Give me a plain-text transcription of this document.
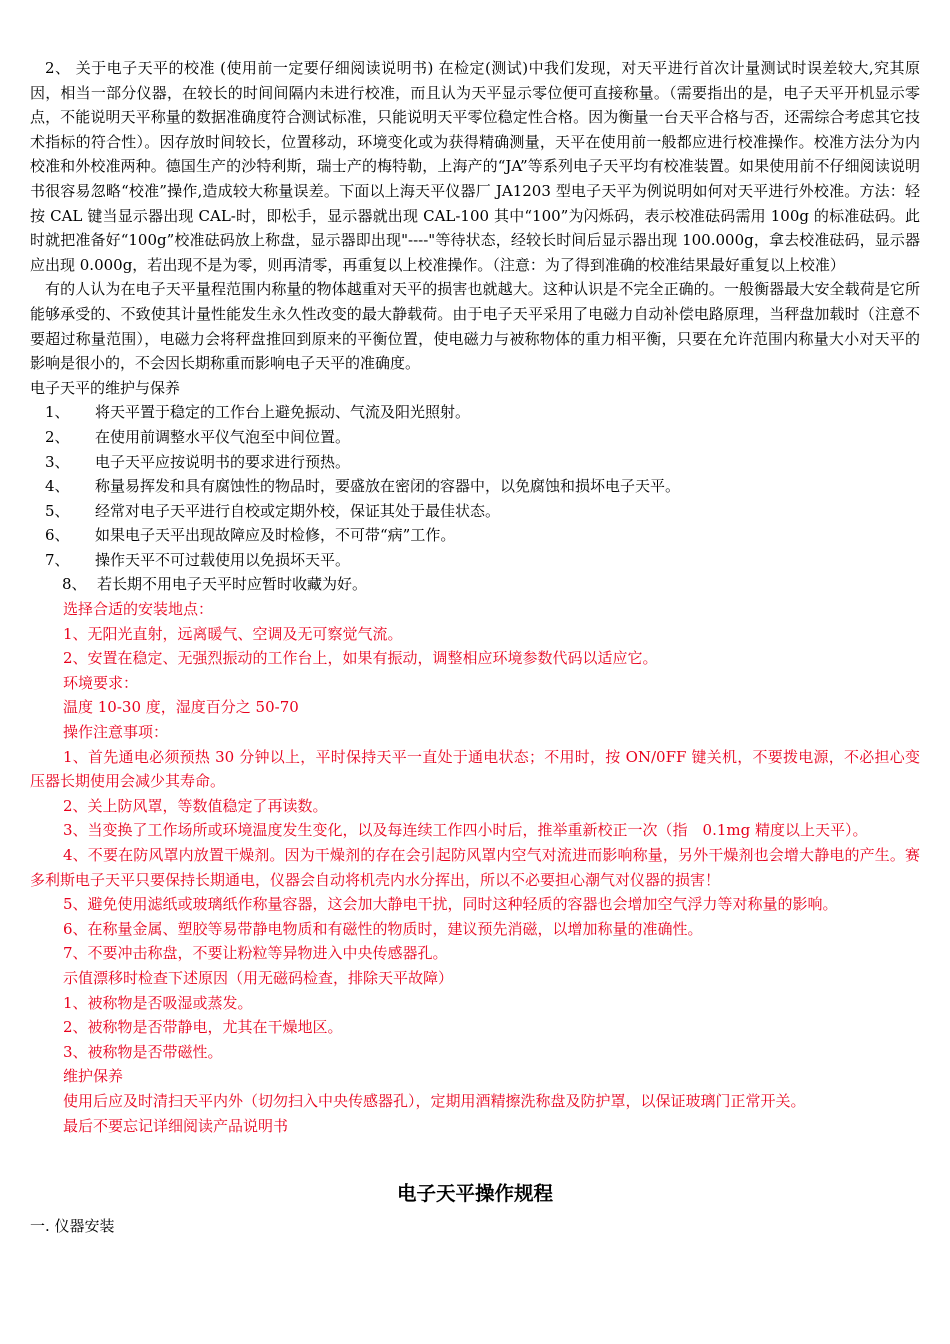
2、 关于电子天平的校准 (使用前一定要仔细阅读说明书) 在检定(测试)中我们发现，对天平进行首次计量测试时误差较大,究其原因，相当一部分仪器，在较长的时间间隔内未进行校准，而且认为天平显示零位便可直接称量。（需要指出的是，电子天平开机显示零点，不能说明天平称量的数据准确度符合测试标准，只能说明天平零位稳定性合格。因为衡量一台天平合格与否，还需综合考虑其它技术指标的符合性）。因存放时间较长，位置移动，环境变化或为获得精确测量，天平在使用前一般都应进行校准操作。校准方法分为内校准和外校准两种。德国生产的沙特利斯，瑞士产的梅特勒，上海产的“JA”等系列电子天平均有校准装置。如果使用前不仔细阅读说明书很容易忽略“校准”操作,造成较大称量误差。下面以上海天平仪器厂 JA1203 型电子天平为例说明如何对天平进行外校准。方法：轻按 CAL 键当显示器出现 CAL-时，即松手，显示器就出现 CAL-100 其中“100”为闪烁码，表示校准砝码需用 100g 的标准砝码。此时就把准备好“100g”校准砝码放上称盘，显示器即出现"----"等待状态，经较长时间后显示器出现 100.000g，拿去校准砝码，显示器应出现 0.000g，若出现不是为零，则再清零，再重复以上校准操作。（注意：为了得到准确的校准结果最好重复以上校准）

有的人认为在电子天平量程范围内称量的物体越重对天平的损害也就越大。这种认识是不完全正确的。一般衡器最大安全载荷是它所能够承受的、不致使其计量性能发生永久性改变的最大静载荷。由于电子天平采用了电磁力自动补偿电路原理，当秤盘加载时（注意不要超过称量范围），电磁力会将秤盘推回到原来的平衡位置，使电磁力与被称物体的重力相平衡，只要在允许范围内称量大小对天平的影响是很小的，不会因长期称重而影响电子天平的准确度。

电子天平的维护与保养

1、	将天平置于稳定的工作台上避免振动、气流及阳光照射。
2、	在使用前调整水平仪气泡至中间位置。
3、	电子天平应按说明书的要求进行预热。
4、	称量易挥发和具有腐蚀性的物品时，要盛放在密闭的容器中，以免腐蚀和损坏电子天平。
5、	经常对电子天平进行自校或定期外校，保证其处于最佳状态。
6、	如果电子天平出现故障应及时检修，不可带“病”工作。
7、	操作天平不可过载使用以免损坏天平。
8、 若长期不用电子天平时应暂时收藏为好。

选择合适的安装地点：

1、无阳光直射，远离暖气、空调及无可察觉气流。

2、安置在稳定、无强烈振动的工作台上，如果有振动，调整相应环境参数代码以适应它。

环境要求：

温度 10-30 度，湿度百分之 50-70

操作注意事项：

1、首先通电必须预热 30 分钟以上，平时保持天平一直处于通电状态；不用时，按 ON/0FF 键关机，不要拨电源，不必担心变压器长期使用会减少其寿命。

2、关上防风罩，等数值稳定了再读数。

3、当变换了工作场所或环境温度发生变化，以及每连续工作四小时后，推举重新校正一次（指　0.1mg 精度以上天平）。

4、不要在防风罩内放置干燥剂。因为干燥剂的存在会引起防风罩内空气对流进而影响称量，另外干燥剂也会增大静电的产生。赛多利斯电子天平只要保持长期通电，仪器会自动将机壳内水分挥出，所以不必要担心潮气对仪器的损害！

5、避免使用滤纸或玻璃纸作称量容器，这会加大静电干扰，同时这种轻质的容器也会增加空气浮力等对称量的影响。

6、在称量金属、塑胶等易带静电物质和有磁性的物质时，建议预先消磁，以增加称量的准确性。

7、不要冲击称盘，不要让粉粒等异物进入中央传感器孔。

示值漂移时检查下述原因（用无磁码检查，排除天平故障）

1、被称物是否吸湿或蒸发。

2、被称物是否带静电，尤其在干燥地区。

3、被称物是否带磁性。

维护保养

使用后应及时清扫天平内外（切勿扫入中央传感器孔），定期用酒精擦洗称盘及防护罩，以保证玻璃门正常开关。

最后不要忘记详细阅读产品说明书

电子天平操作规程

一. 仪器安装
